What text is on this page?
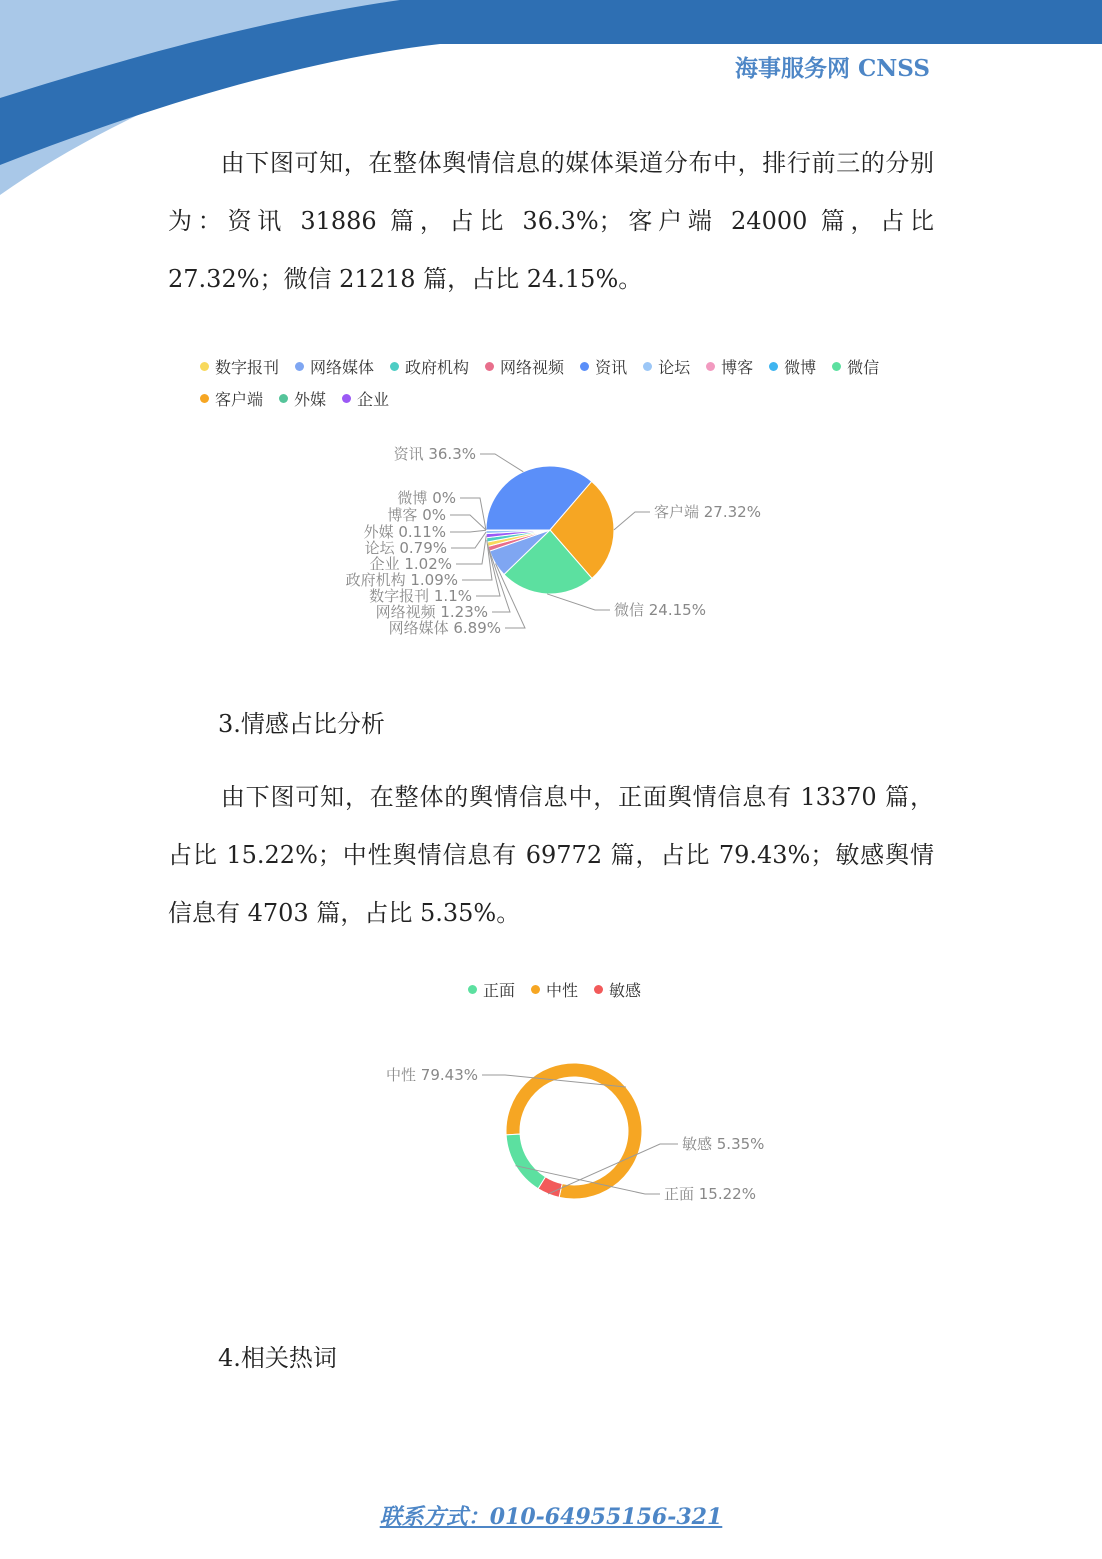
海事服务网 CNSS

由下图可知，在整体舆情信息的媒体渠道分布中，排行前三的分别为：资讯 31886 篇，占比 36.3%；客户端 24000 篇，占比 27.32%；微信 21218 篇，占比 24.15%。

数字报刊 网络媒体 政府机构 网络视频 资讯 论坛 博客 微博 微信
客户端 外媒 企业
资讯 36.3%
客户端 27.32%
微信 24.15%
网络媒体 6.89%
网络视频 1.23%
数字报刊 1.1%
政府机构 1.09%
企业 1.02%
论坛 0.79%
外媒 0.11%
博客 0%
微博 0%

3.情感占比分析

由下图可知，在整体的舆情信息中，正面舆情信息有 13370 篇，占比 15.22%；中性舆情信息有 69772 篇，占比 79.43%；敏感舆情信息有 4703 篇，占比 5.35%。

正面 中性 敏感
中性 79.43%
敏感 5.35%
正面 15.22%

4.相关热词

联系方式：010-64955156-321
